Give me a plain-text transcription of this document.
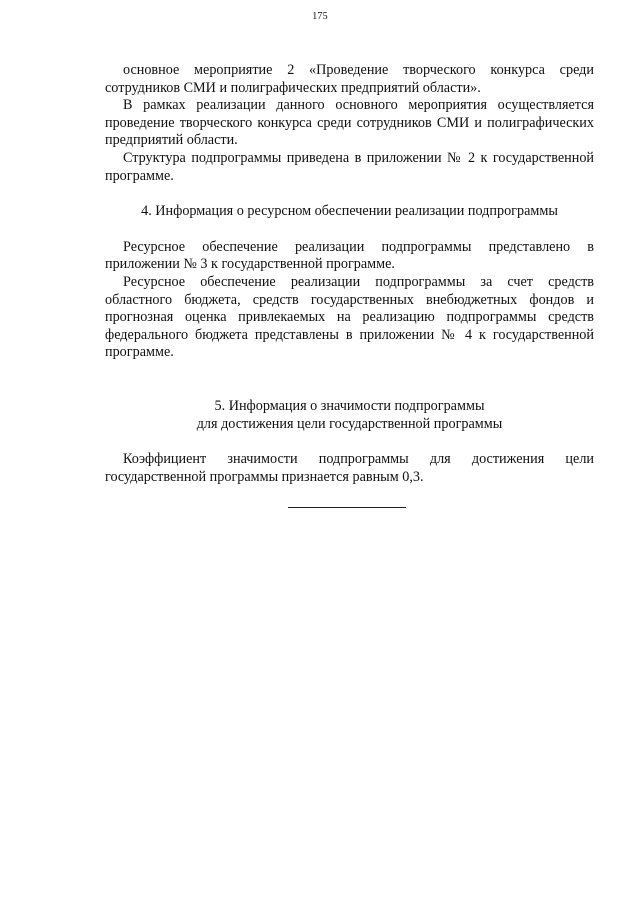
175

основное мероприятие 2 «Проведение творческого конкурса среди сотрудников СМИ и полиграфических предприятий области».

В рамках реализации данного основного мероприятия осуществляется проведение творческого конкурса среди сотрудников СМИ и полиграфических предприятий области.

Структура подпрограммы приведена в приложении № 2 к государственной программе.

4. Информация о ресурсном обеспечении реализации подпрограммы

Ресурсное обеспечение реализации подпрограммы представлено в приложении № 3 к государственной программе.

Ресурсное обеспечение реализации подпрограммы за счет средств областного бюджета, средств государственных внебюджетных фондов и прогнозная оценка привлекаемых на реализацию подпрограммы средств федерального бюджета представлены в приложении № 4 к государственной программе.

5. Информация о значимости подпрограммы
для достижения цели государственной программы

Коэффициент значимости подпрограммы для достижения цели государственной программы признается равным 0,3.
